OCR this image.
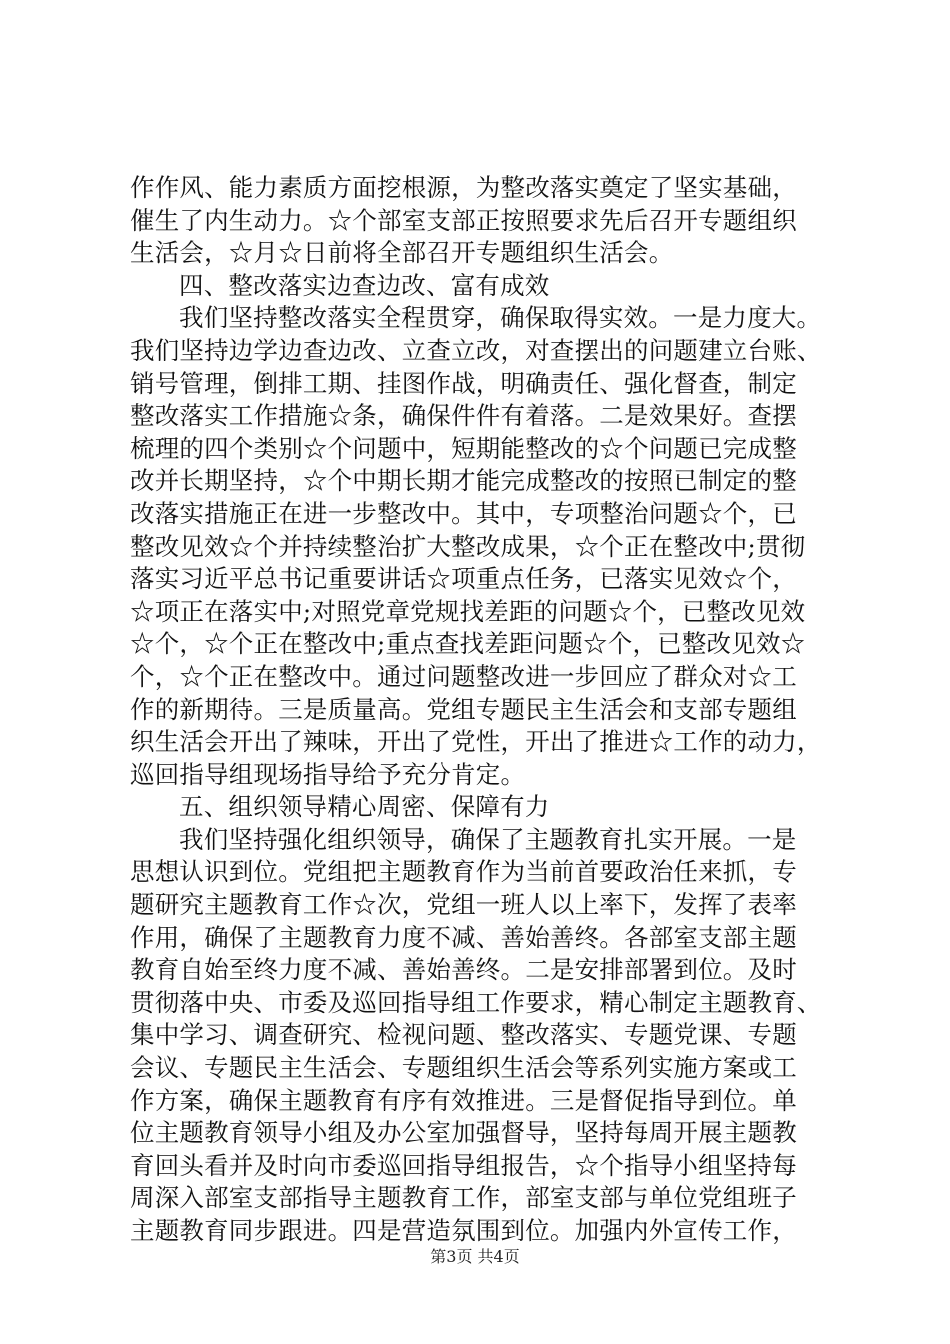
作作风、能力素质方面挖根源，为整改落实奠定了坚实基础，
催生了内生动力。☆个部室支部正按照要求先后召开专题组织
生活会，☆月☆日前将全部召开专题组织生活会。
四、整改落实边查边改、富有成效
我们坚持整改落实全程贯穿，确保取得实效。一是力度大。
我们坚持边学边查边改、立查立改，对查摆出的问题建立台账、
销号管理，倒排工期、挂图作战，明确责任、强化督查，制定
整改落实工作措施☆条，确保件件有着落。二是效果好。查摆
梳理的四个类别☆个问题中，短期能整改的☆个问题已完成整
改并长期坚持，☆个中期长期才能完成整改的按照已制定的整
改落实措施正在进一步整改中。其中，专项整治问题☆个，已
整改见效☆个并持续整治扩大整改成果，☆个正在整改中;贯彻
落实习近平总书记重要讲话☆项重点任务，已落实见效☆个，
☆项正在落实中;对照党章党规找差距的问题☆个，已整改见效
☆个，☆个正在整改中;重点查找差距问题☆个，已整改见效☆
个，☆个正在整改中。通过问题整改进一步回应了群众对☆工
作的新期待。三是质量高。党组专题民主生活会和支部专题组
织生活会开出了辣味，开出了党性，开出了推进☆工作的动力，
巡回指导组现场指导给予充分肯定。
五、组织领导精心周密、保障有力
我们坚持强化组织领导，确保了主题教育扎实开展。一是
思想认识到位。党组把主题教育作为当前首要政治任来抓，专
题研究主题教育工作☆次，党组一班人以上率下，发挥了表率
作用，确保了主题教育力度不减、善始善终。各部室支部主题
教育自始至终力度不减、善始善终。二是安排部署到位。及时
贯彻落中央、市委及巡回指导组工作要求，精心制定主题教育、
集中学习、调查研究、检视问题、整改落实、专题党课、专题
会议、专题民主生活会、专题组织生活会等系列实施方案或工
作方案，确保主题教育有序有效推进。三是督促指导到位。单
位主题教育领导小组及办公室加强督导，坚持每周开展主题教
育回头看并及时向市委巡回指导组报告，☆个指导小组坚持每
周深入部室支部指导主题教育工作，部室支部与单位党组班子
主题教育同步跟进。四是营造氛围到位。加强内外宣传工作，
第3页 共4页
